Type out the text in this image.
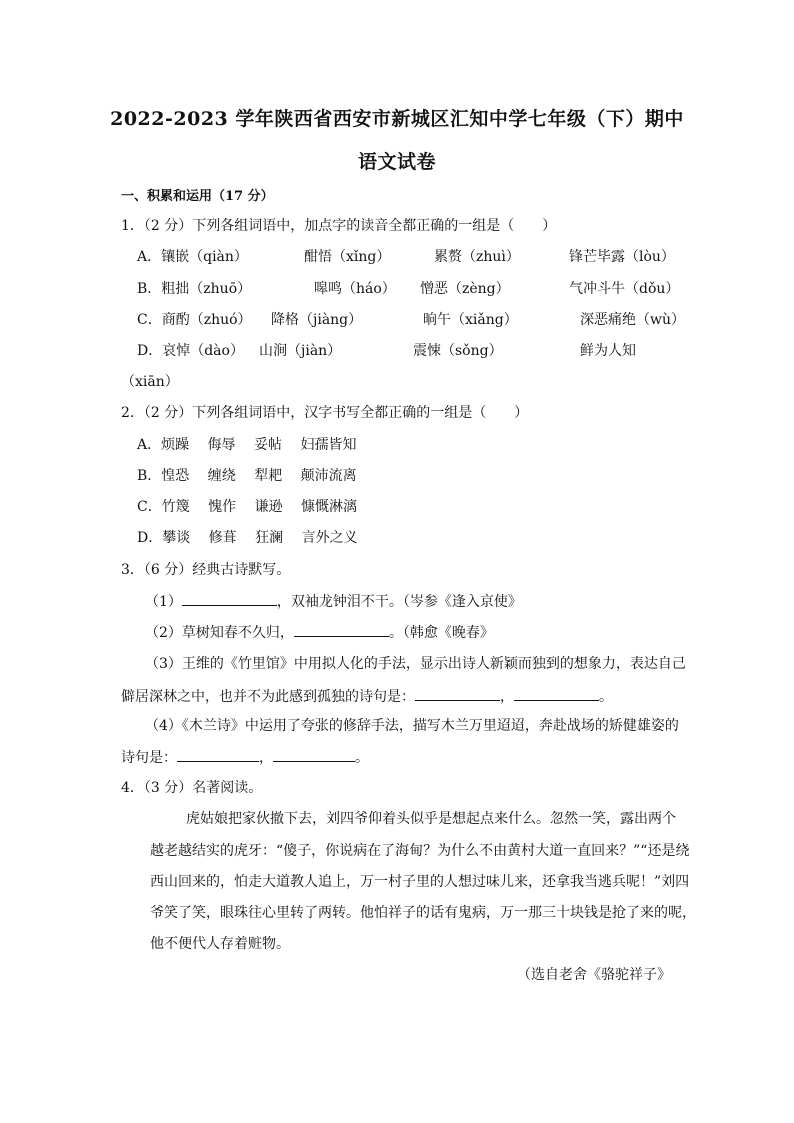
2022-2023 学年陕西省西安市新城区汇知中学七年级（下）期中
语文试卷
一、积累和运用（17 分）
1．（2 分）下列各组词语中，加点字的读音全都正确的一组是（　　）
A．镶嵌（qiàn）	酣悟（xǐng）	累赘（zhuì）	锋芒毕露（lòu）
B．粗拙（zhuō）	嗥鸣（háo） 憎恶（zèng）	气冲斗牛（dǒu）
C．商酌（zhuó） 降格（jiàng）	晌午（xiǎng）	深恶痛绝（wù）
D．哀悼（dào） 山涧（jiàn）	震悚（sǒng）	鲜为人知
（xiān）
2．（2 分）下列各组词语中，汉字书写全都正确的一组是（　　）
A．烦躁　 侮辱　 妥帖　 妇孺皆知
B．惶恐　 缠绕　 犁耙　 颠沛流离
C．竹篾　 愧作　 谦逊　 慷慨淋漓
D．攀谈　 修葺　 狂澜　 言外之义
3．（6 分）经典古诗默写。
（1）	，双袖龙钟泪不干。（岑参《逢入京使》
（2）草树知春不久归，	。（韩愈《晚春》
（3）王维的《竹里馆》中用拟人化的手法，显示出诗人新颖而独到的想象力，表达自己
僻居深林之中，也并不为此感到孤独的诗句是：	，	。
（4）《木兰诗》中运用了夸张的修辞手法，描写木兰万里迢迢，奔赴战场的矫健雄姿的
诗句是：	，	。
4．（3 分）名著阅读。
虎姑娘把家伙撤下去，刘四爷仰着头似乎是想起点来什么。忽然一笑，露出两个
越老越结实的虎牙：“傻子，你说病在了海甸？为什么不由黄村大道一直回来？”“还是绕
西山回来的，怕走大道教人追上，万一村子里的人想过味儿来，还拿我当逃兵呢！”刘四
爷笑了笑，眼珠往心里转了两转。他怕祥子的话有鬼病，万一那三十块钱是抢了来的呢，
他不便代人存着赃物。
（选自老舍《骆驼祥子》
